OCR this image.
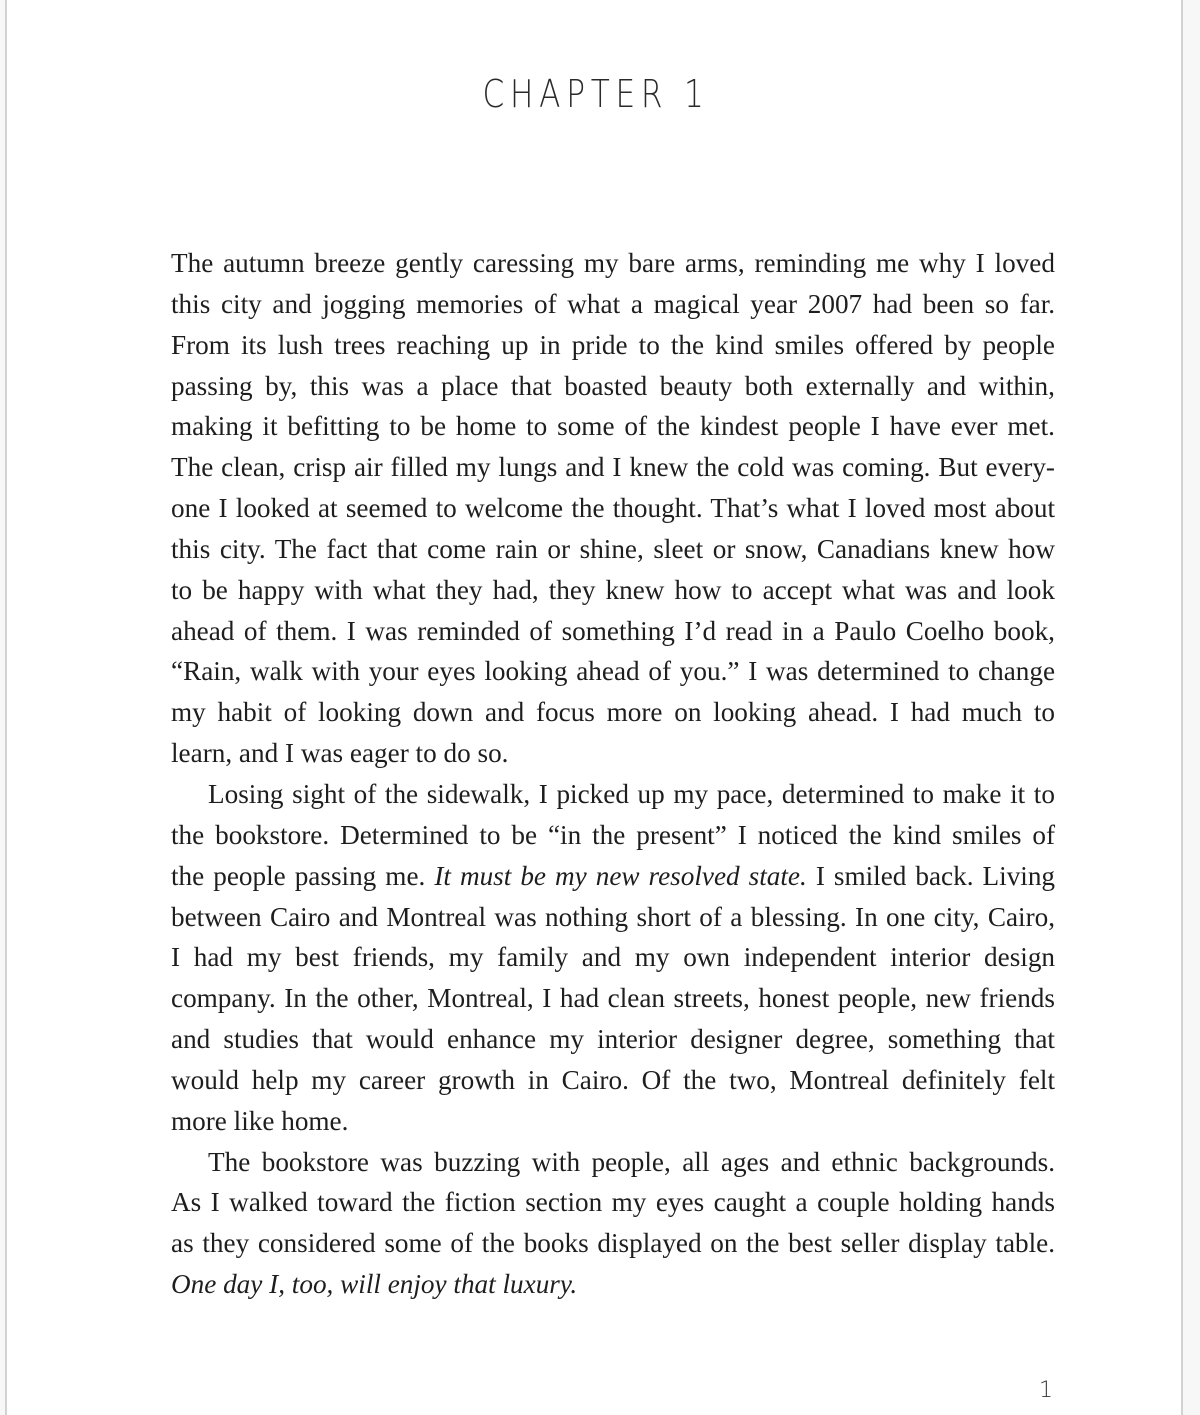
CHAPTER 1
The autumn breeze gently caressing my bare arms, reminding me why I loved
this city and jogging memories of what a magical year 2007 had been so far.
From its lush trees reaching up in pride to the kind smiles offered by people
passing by, this was a place that boasted beauty both externally and within,
making it befitting to be home to some of the kindest people I have ever met.
The clean, crisp air filled my lungs and I knew the cold was coming. But every-
one I looked at seemed to welcome the thought. That’s what I loved most about
this city. The fact that come rain or shine, sleet or snow, Canadians knew how
to be happy with what they had, they knew how to accept what was and look
ahead of them. I was reminded of something I’d read in a Paulo Coelho book,
“Rain, walk with your eyes looking ahead of you.” I was determined to change
my habit of looking down and focus more on looking ahead. I had much to
learn, and I was eager to do so.
Losing sight of the sidewalk, I picked up my pace, determined to make it to
the bookstore. Determined to be “in the present” I noticed the kind smiles of
the people passing me. It must be my new resolved state. I smiled back. Living
between Cairo and Montreal was nothing short of a blessing. In one city, Cairo,
I had my best friends, my family and my own independent interior design
company. In the other, Montreal, I had clean streets, honest people, new friends
and studies that would enhance my interior designer degree, something that
would help my career growth in Cairo. Of the two, Montreal definitely felt
more like home.
The bookstore was buzzing with people, all ages and ethnic backgrounds.
As I walked toward the fiction section my eyes caught a couple holding hands
as they considered some of the books displayed on the best seller display table.
One day I, too, will enjoy that luxury.
1
